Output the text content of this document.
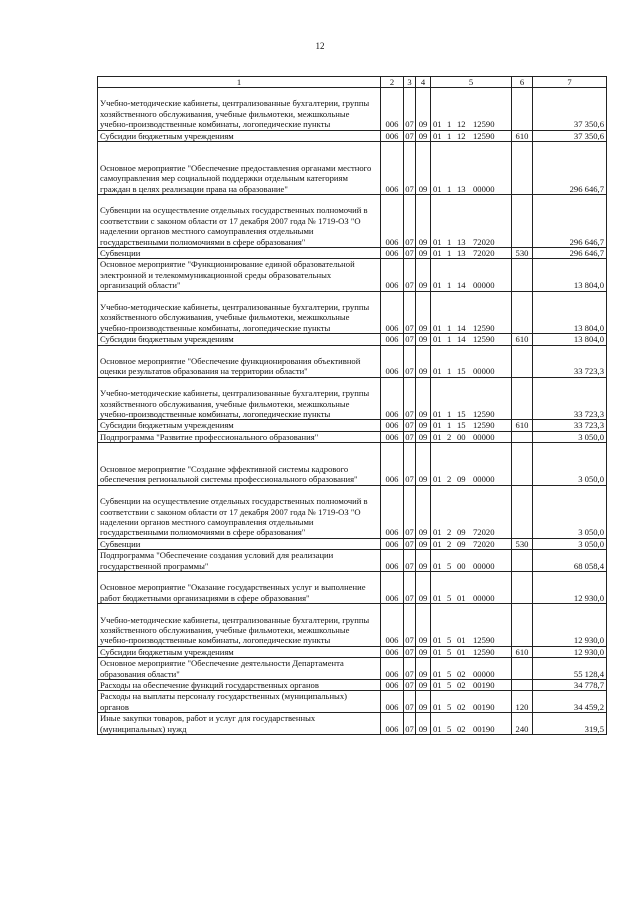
12
1	2	3	4	5	6	7
Учебно-методические кабинеты, централизованные бухгалтерии, группы хозяйственного обслуживания, учебные фильмотеки, межшкольные учебно-производственные комбинаты, логопедические пункты	006	07	09	01 1 12 12590		37 350,6
Субсидии бюджетным учреждениям	006	07	09	01 1 12 12590	610	37 350,6
Основное мероприятие "Обеспечение предоставления органами местного самоуправления мер социальной поддержки отдельным категориям граждан в целях реализации права на образование"	006	07	09	01 1 13 00000		296 646,7
Субвенции на осуществление отдельных государственных полномочий в соответствии с законом области от 17 декабря 2007 года № 1719-ОЗ "О наделении органов местного самоуправления отдельными государственными полномочиями в сфере образования"	006	07	09	01 1 13 72020		296 646,7
Субвенции	006	07	09	01 1 13 72020	530	296 646,7
Основное мероприятие "Функционирование единой образовательной электронной и телекоммуникационной среды образовательных организаций области"	006	07	09	01 1 14 00000		13 804,0
Учебно-методические кабинеты, централизованные бухгалтерии, группы хозяйственного обслуживания, учебные фильмотеки, межшкольные учебно-производственные комбинаты, логопедические пункты	006	07	09	01 1 14 12590		13 804,0
Субсидии бюджетным учреждениям	006	07	09	01 1 14 12590	610	13 804,0
Основное мероприятие "Обеспечение функционирования объективной оценки результатов образования на территории области"	006	07	09	01 1 15 00000		33 723,3
Учебно-методические кабинеты, централизованные бухгалтерии, группы хозяйственного обслуживания, учебные фильмотеки, межшкольные учебно-производственные комбинаты, логопедические пункты	006	07	09	01 1 15 12590		33 723,3
Субсидии бюджетным учреждениям	006	07	09	01 1 15 12590	610	33 723,3
Подпрограмма "Развитие профессионального образования"	006	07	09	01 2 00 00000		3 050,0
Основное мероприятие "Создание эффективной системы кадрового обеспечения региональной системы профессионального образования"	006	07	09	01 2 09 00000		3 050,0
Субвенции на осуществление отдельных государственных полномочий в соответствии с законом области от 17 декабря 2007 года № 1719-ОЗ "О наделении органов местного самоуправления отдельными государственными полномочиями в сфере образования"	006	07	09	01 2 09 72020		3 050,0
Субвенции	006	07	09	01 2 09 72020	530	3 050,0
Подпрограмма "Обеспечение создания условий для реализации государственной программы"	006	07	09	01 5 00 00000		68 058,4
Основное мероприятие "Оказание государственных услуг и выполнение работ бюджетными организациями в сфере образования"	006	07	09	01 5 01 00000		12 930,0
Учебно-методические кабинеты, централизованные бухгалтерии, группы хозяйственного обслуживания, учебные фильмотеки, межшкольные учебно-производственные комбинаты, логопедические пункты	006	07	09	01 5 01 12590		12 930,0
Субсидии бюджетным учреждениям	006	07	09	01 5 01 12590	610	12 930,0
Основное мероприятие "Обеспечение деятельности Департамента образования области"	006	07	09	01 5 02 00000		55 128,4
Расходы на обеспечение функций государственных органов	006	07	09	01 5 02 00190		34 778,7
Расходы на выплаты персоналу государственных (муниципальных) органов	006	07	09	01 5 02 00190	120	34 459,2
Иные закупки товаров, работ и услуг для государственных (муниципальных) нужд	006	07	09	01 5 02 00190	240	319,5
